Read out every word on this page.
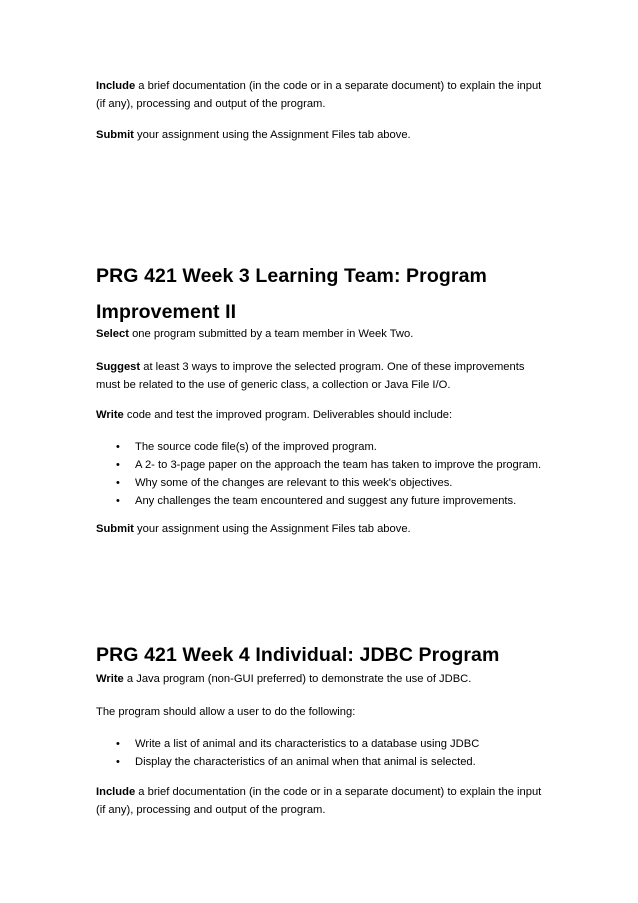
Include a brief documentation (in the code or in a separate document) to explain the input
(if any), processing and output of the program.

Submit your assignment using the Assignment Files tab above.

PRG 421 Week 3 Learning Team: Program
Improvement II

Select one program submitted by a team member in Week Two.

Suggest at least 3 ways to improve the selected program. One of these improvements
must be related to the use of generic class, a collection or Java File I/O.

Write code and test the improved program. Deliverables should include:

• The source code file(s) of the improved program.
• A 2- to 3-page paper on the approach the team has taken to improve the program.
• Why some of the changes are relevant to this week's objectives.
• Any challenges the team encountered and suggest any future improvements.

Submit your assignment using the Assignment Files tab above.

PRG 421 Week 4 Individual: JDBC Program

Write a Java program (non-GUI preferred) to demonstrate the use of JDBC.

The program should allow a user to do the following:

• Write a list of animal and its characteristics to a database using JDBC
• Display the characteristics of an animal when that animal is selected.

Include a brief documentation (in the code or in a separate document) to explain the input
(if any), processing and output of the program.
